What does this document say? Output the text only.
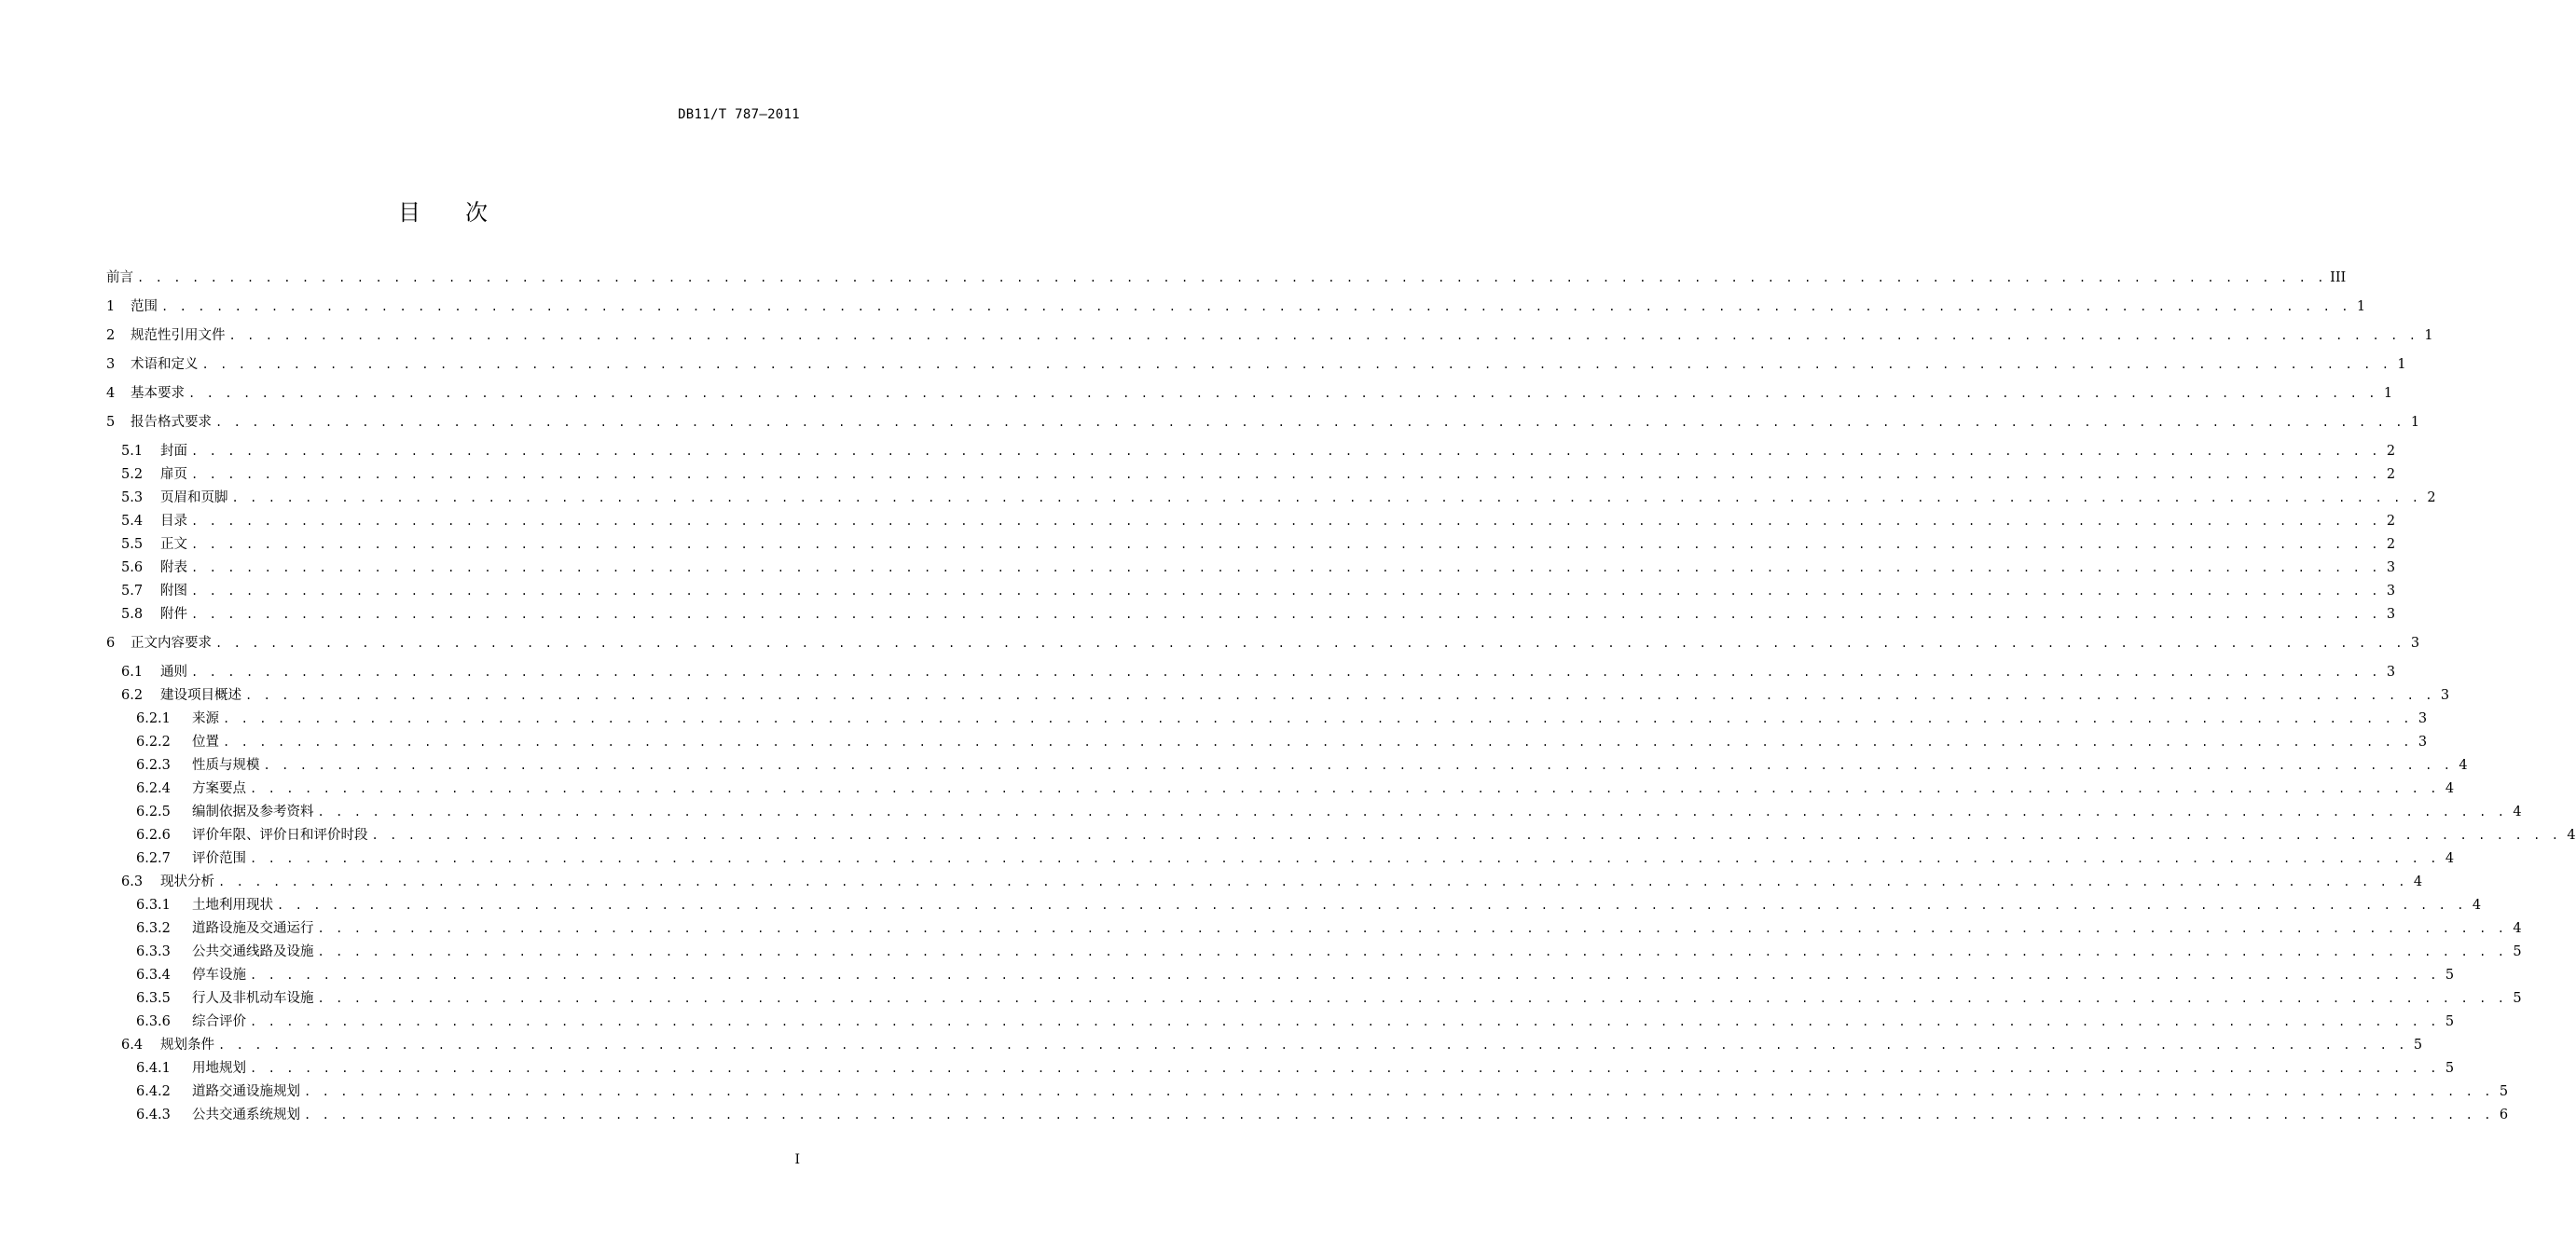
DB11/T 787—2011
目　　次
前言 . . . . . . . . . . . . . . . . . . . . . . . . . . . . . . . . . . . . . . . . . . . . . . . . . . . . . . . . . . . . . . . . . . . . . . . . . . . . . . . . . . . . . . . . . . . . . . . . . . . . . . . . . . . . . . . . . . . . . . . . III
1	范围 . . . . . . . . . . . . . . . . . . . . . . . . . . . . . . . . . . . . . . . . . . . . . . . . . . . . . . . . . . . . . . . . . . . . . . . . . . . . . . . . . . . . . . . . . . . . . . . . . . . . . . . . . . . . . . . . . . . . . . . . 1
2	规范性引用文件 . . . . . . . . . . . . . . . . . . . . . . . . . . . . . . . . . . . . . . . . . . . . . . . . . . . . . . . . . . . . . . . . . . . . . . . . . . . . . . . . . . . . . . . . . . . . . . . . . . . . . . . . . . . . . . . . . . . . . . . . 1
3	术语和定义 . . . . . . . . . . . . . . . . . . . . . . . . . . . . . . . . . . . . . . . . . . . . . . . . . . . . . . . . . . . . . . . . . . . . . . . . . . . . . . . . . . . . . . . . . . . . . . . . . . . . . . . . . . . . . . . . . . . . . . . . 1
4	基本要求 . . . . . . . . . . . . . . . . . . . . . . . . . . . . . . . . . . . . . . . . . . . . . . . . . . . . . . . . . . . . . . . . . . . . . . . . . . . . . . . . . . . . . . . . . . . . . . . . . . . . . . . . . . . . . . . . . . . . . . . . 1
5	报告格式要求 . . . . . . . . . . . . . . . . . . . . . . . . . . . . . . . . . . . . . . . . . . . . . . . . . . . . . . . . . . . . . . . . . . . . . . . . . . . . . . . . . . . . . . . . . . . . . . . . . . . . . . . . . . . . . . . . . . . . . . . . 1
5.1	封面 . . . . . . . . . . . . . . . . . . . . . . . . . . . . . . . . . . . . . . . . . . . . . . . . . . . . . . . . . . . . . . . . . . . . . . . . . . . . . . . . . . . . . . . . . . . . . . . . . . . . . . . . . . . . . . . . . . . . . . . . 2
5.2	扉页 . . . . . . . . . . . . . . . . . . . . . . . . . . . . . . . . . . . . . . . . . . . . . . . . . . . . . . . . . . . . . . . . . . . . . . . . . . . . . . . . . . . . . . . . . . . . . . . . . . . . . . . . . . . . . . . . . . . . . . . . 2
5.3	页眉和页脚 . . . . . . . . . . . . . . . . . . . . . . . . . . . . . . . . . . . . . . . . . . . . . . . . . . . . . . . . . . . . . . . . . . . . . . . . . . . . . . . . . . . . . . . . . . . . . . . . . . . . . . . . . . . . . . . . . . . . . . . . 2
5.4	目录 . . . . . . . . . . . . . . . . . . . . . . . . . . . . . . . . . . . . . . . . . . . . . . . . . . . . . . . . . . . . . . . . . . . . . . . . . . . . . . . . . . . . . . . . . . . . . . . . . . . . . . . . . . . . . . . . . . . . . . . . 2
5.5	正文 . . . . . . . . . . . . . . . . . . . . . . . . . . . . . . . . . . . . . . . . . . . . . . . . . . . . . . . . . . . . . . . . . . . . . . . . . . . . . . . . . . . . . . . . . . . . . . . . . . . . . . . . . . . . . . . . . . . . . . . . 2
5.6	附表 . . . . . . . . . . . . . . . . . . . . . . . . . . . . . . . . . . . . . . . . . . . . . . . . . . . . . . . . . . . . . . . . . . . . . . . . . . . . . . . . . . . . . . . . . . . . . . . . . . . . . . . . . . . . . . . . . . . . . . . . 3
5.7	附图 . . . . . . . . . . . . . . . . . . . . . . . . . . . . . . . . . . . . . . . . . . . . . . . . . . . . . . . . . . . . . . . . . . . . . . . . . . . . . . . . . . . . . . . . . . . . . . . . . . . . . . . . . . . . . . . . . . . . . . . . 3
5.8	附件 . . . . . . . . . . . . . . . . . . . . . . . . . . . . . . . . . . . . . . . . . . . . . . . . . . . . . . . . . . . . . . . . . . . . . . . . . . . . . . . . . . . . . . . . . . . . . . . . . . . . . . . . . . . . . . . . . . . . . . . . 3
6	正文内容要求 . . . . . . . . . . . . . . . . . . . . . . . . . . . . . . . . . . . . . . . . . . . . . . . . . . . . . . . . . . . . . . . . . . . . . . . . . . . . . . . . . . . . . . . . . . . . . . . . . . . . . . . . . . . . . . . . . . . . . . . . 3
6.1	通则 . . . . . . . . . . . . . . . . . . . . . . . . . . . . . . . . . . . . . . . . . . . . . . . . . . . . . . . . . . . . . . . . . . . . . . . . . . . . . . . . . . . . . . . . . . . . . . . . . . . . . . . . . . . . . . . . . . . . . . . . 3
6.2	建设项目概述 . . . . . . . . . . . . . . . . . . . . . . . . . . . . . . . . . . . . . . . . . . . . . . . . . . . . . . . . . . . . . . . . . . . . . . . . . . . . . . . . . . . . . . . . . . . . . . . . . . . . . . . . . . . . . . . . . . . . . . . . 3
6.2.1	来源 . . . . . . . . . . . . . . . . . . . . . . . . . . . . . . . . . . . . . . . . . . . . . . . . . . . . . . . . . . . . . . . . . . . . . . . . . . . . . . . . . . . . . . . . . . . . . . . . . . . . . . . . . . . . . . . . . . . . . . . . 3
6.2.2	位置 . . . . . . . . . . . . . . . . . . . . . . . . . . . . . . . . . . . . . . . . . . . . . . . . . . . . . . . . . . . . . . . . . . . . . . . . . . . . . . . . . . . . . . . . . . . . . . . . . . . . . . . . . . . . . . . . . . . . . . . . 3
6.2.3	性质与规模 . . . . . . . . . . . . . . . . . . . . . . . . . . . . . . . . . . . . . . . . . . . . . . . . . . . . . . . . . . . . . . . . . . . . . . . . . . . . . . . . . . . . . . . . . . . . . . . . . . . . . . . . . . . . . . . . . . . . . . . . 4
6.2.4	方案要点 . . . . . . . . . . . . . . . . . . . . . . . . . . . . . . . . . . . . . . . . . . . . . . . . . . . . . . . . . . . . . . . . . . . . . . . . . . . . . . . . . . . . . . . . . . . . . . . . . . . . . . . . . . . . . . . . . . . . . . . . 4
6.2.5	编制依据及参考资料 . . . . . . . . . . . . . . . . . . . . . . . . . . . . . . . . . . . . . . . . . . . . . . . . . . . . . . . . . . . . . . . . . . . . . . . . . . . . . . . . . . . . . . . . . . . . . . . . . . . . . . . . . . . . . . . . . . . . . . . . 4
6.2.6	评价年限、评价日和评价时段 . . . . . . . . . . . . . . . . . . . . . . . . . . . . . . . . . . . . . . . . . . . . . . . . . . . . . . . . . . . . . . . . . . . . . . . . . . . . . . . . . . . . . . . . . . . . . . . . . . . . . . . . . . . . . . . . . . . . . . . . 4
6.2.7	评价范围 . . . . . . . . . . . . . . . . . . . . . . . . . . . . . . . . . . . . . . . . . . . . . . . . . . . . . . . . . . . . . . . . . . . . . . . . . . . . . . . . . . . . . . . . . . . . . . . . . . . . . . . . . . . . . . . . . . . . . . . . 4
6.3	现状分析 . . . . . . . . . . . . . . . . . . . . . . . . . . . . . . . . . . . . . . . . . . . . . . . . . . . . . . . . . . . . . . . . . . . . . . . . . . . . . . . . . . . . . . . . . . . . . . . . . . . . . . . . . . . . . . . . . . . . . . . . 4
6.3.1	土地利用现状 . . . . . . . . . . . . . . . . . . . . . . . . . . . . . . . . . . . . . . . . . . . . . . . . . . . . . . . . . . . . . . . . . . . . . . . . . . . . . . . . . . . . . . . . . . . . . . . . . . . . . . . . . . . . . . . . . . . . . . . . 4
6.3.2	道路设施及交通运行 . . . . . . . . . . . . . . . . . . . . . . . . . . . . . . . . . . . . . . . . . . . . . . . . . . . . . . . . . . . . . . . . . . . . . . . . . . . . . . . . . . . . . . . . . . . . . . . . . . . . . . . . . . . . . . . . . . . . . . . . 4
6.3.3	公共交通线路及设施 . . . . . . . . . . . . . . . . . . . . . . . . . . . . . . . . . . . . . . . . . . . . . . . . . . . . . . . . . . . . . . . . . . . . . . . . . . . . . . . . . . . . . . . . . . . . . . . . . . . . . . . . . . . . . . . . . . . . . . . . 5
6.3.4	停车设施 . . . . . . . . . . . . . . . . . . . . . . . . . . . . . . . . . . . . . . . . . . . . . . . . . . . . . . . . . . . . . . . . . . . . . . . . . . . . . . . . . . . . . . . . . . . . . . . . . . . . . . . . . . . . . . . . . . . . . . . . 5
6.3.5	行人及非机动车设施 . . . . . . . . . . . . . . . . . . . . . . . . . . . . . . . . . . . . . . . . . . . . . . . . . . . . . . . . . . . . . . . . . . . . . . . . . . . . . . . . . . . . . . . . . . . . . . . . . . . . . . . . . . . . . . . . . . . . . . . . 5
6.3.6	综合评价 . . . . . . . . . . . . . . . . . . . . . . . . . . . . . . . . . . . . . . . . . . . . . . . . . . . . . . . . . . . . . . . . . . . . . . . . . . . . . . . . . . . . . . . . . . . . . . . . . . . . . . . . . . . . . . . . . . . . . . . . 5
6.4	规划条件 . . . . . . . . . . . . . . . . . . . . . . . . . . . . . . . . . . . . . . . . . . . . . . . . . . . . . . . . . . . . . . . . . . . . . . . . . . . . . . . . . . . . . . . . . . . . . . . . . . . . . . . . . . . . . . . . . . . . . . . . 5
6.4.1	用地规划 . . . . . . . . . . . . . . . . . . . . . . . . . . . . . . . . . . . . . . . . . . . . . . . . . . . . . . . . . . . . . . . . . . . . . . . . . . . . . . . . . . . . . . . . . . . . . . . . . . . . . . . . . . . . . . . . . . . . . . . . 5
6.4.2	道路交通设施规划 . . . . . . . . . . . . . . . . . . . . . . . . . . . . . . . . . . . . . . . . . . . . . . . . . . . . . . . . . . . . . . . . . . . . . . . . . . . . . . . . . . . . . . . . . . . . . . . . . . . . . . . . . . . . . . . . . . . . . . . . 5
6.4.3	公共交通系统规划 . . . . . . . . . . . . . . . . . . . . . . . . . . . . . . . . . . . . . . . . . . . . . . . . . . . . . . . . . . . . . . . . . . . . . . . . . . . . . . . . . . . . . . . . . . . . . . . . . . . . . . . . . . . . . . . . . . . . . . . . 6
I
